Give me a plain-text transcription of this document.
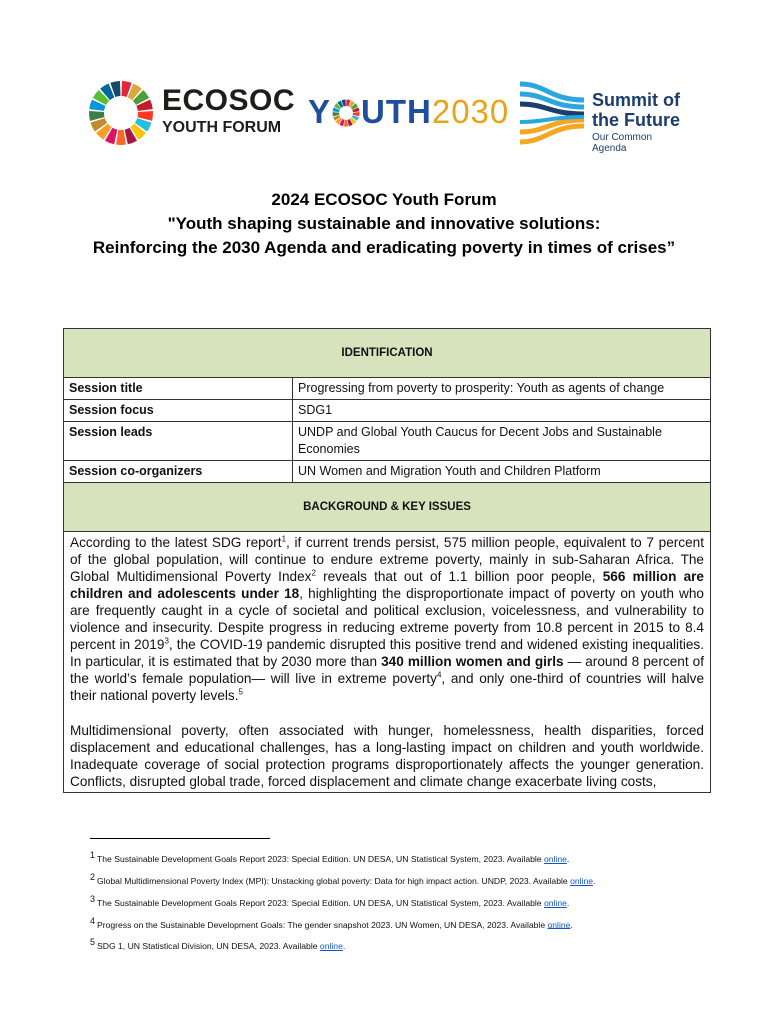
ECOSOC
YOUTH FORUM Y UTH2030	Summit of
the Future
Our Common Agenda
2024 ECOSOC Youth Forum
"Youth shaping sustainable and innovative solutions:
Reinforcing the 2030 Agenda and eradicating poverty in times of crises”
IDENTIFICATION	
Session title	Progressing from poverty to prosperity: Youth as agents of change
Session focus	SDG1
Session leads	UNDP and Global Youth Caucus for Decent Jobs and Sustainable Economies
Session co-organizers	UN Women and Migration Youth and Children Platform
BACKGROUND & KEY ISSUES	

According to the latest SDG report$^1$, if current trends persist, 575 million people, equivalent to 7 percent of the global population, will continue to endure extreme poverty, mainly in sub-Saharan Africa. The Global Multidimensional Poverty Index$^2$ reveals that out of 1.1 billion poor people, 566 million are children and adolescents under 18, highlighting the disproportionate impact of poverty on youth who are frequently caught in a cycle of societal and political exclusion, voicelessness, and vulnerability to violence and insecurity. Despite progress in reducing extreme poverty from 10.8 percent in 2015 to 8.4 percent in 2019$^3$, the COVID-19 pandemic disrupted this positive trend and widened existing inequalities. In particular, it is estimated that by 2030 more than 340 million women and girls — around 8 percent of the world’s female population— will live in extreme poverty$^4$, and only one-third of countries will halve their national poverty levels.$^5$

Multidimensional poverty, often associated with hunger, homelessness, health disparities, forced displacement and educational challenges, has a long-lasting impact on children and youth worldwide. Inadequate coverage of social protection programs disproportionately affects the younger generation. Conflicts, disrupted global trade, forced displacement and climate change exacerbate living costs,	

1 The Sustainable Development Goals Report 2023: Special Edition. UN DESA, UN Statistical System, 2023. Available online.
2 Global Multidimensional Poverty Index (MPI): Unstacking global poverty: Data for high impact action. UNDP, 2023. Available online.
3 The Sustainable Development Goals Report 2023: Special Edition. UN DESA, UN Statistical System, 2023. Available online.
4 Progress on the Sustainable Development Goals: The gender snapshot 2023. UN Women, UN DESA, 2023. Available online.
5 SDG 1, UN Statistical Division, UN DESA, 2023. Available online.
